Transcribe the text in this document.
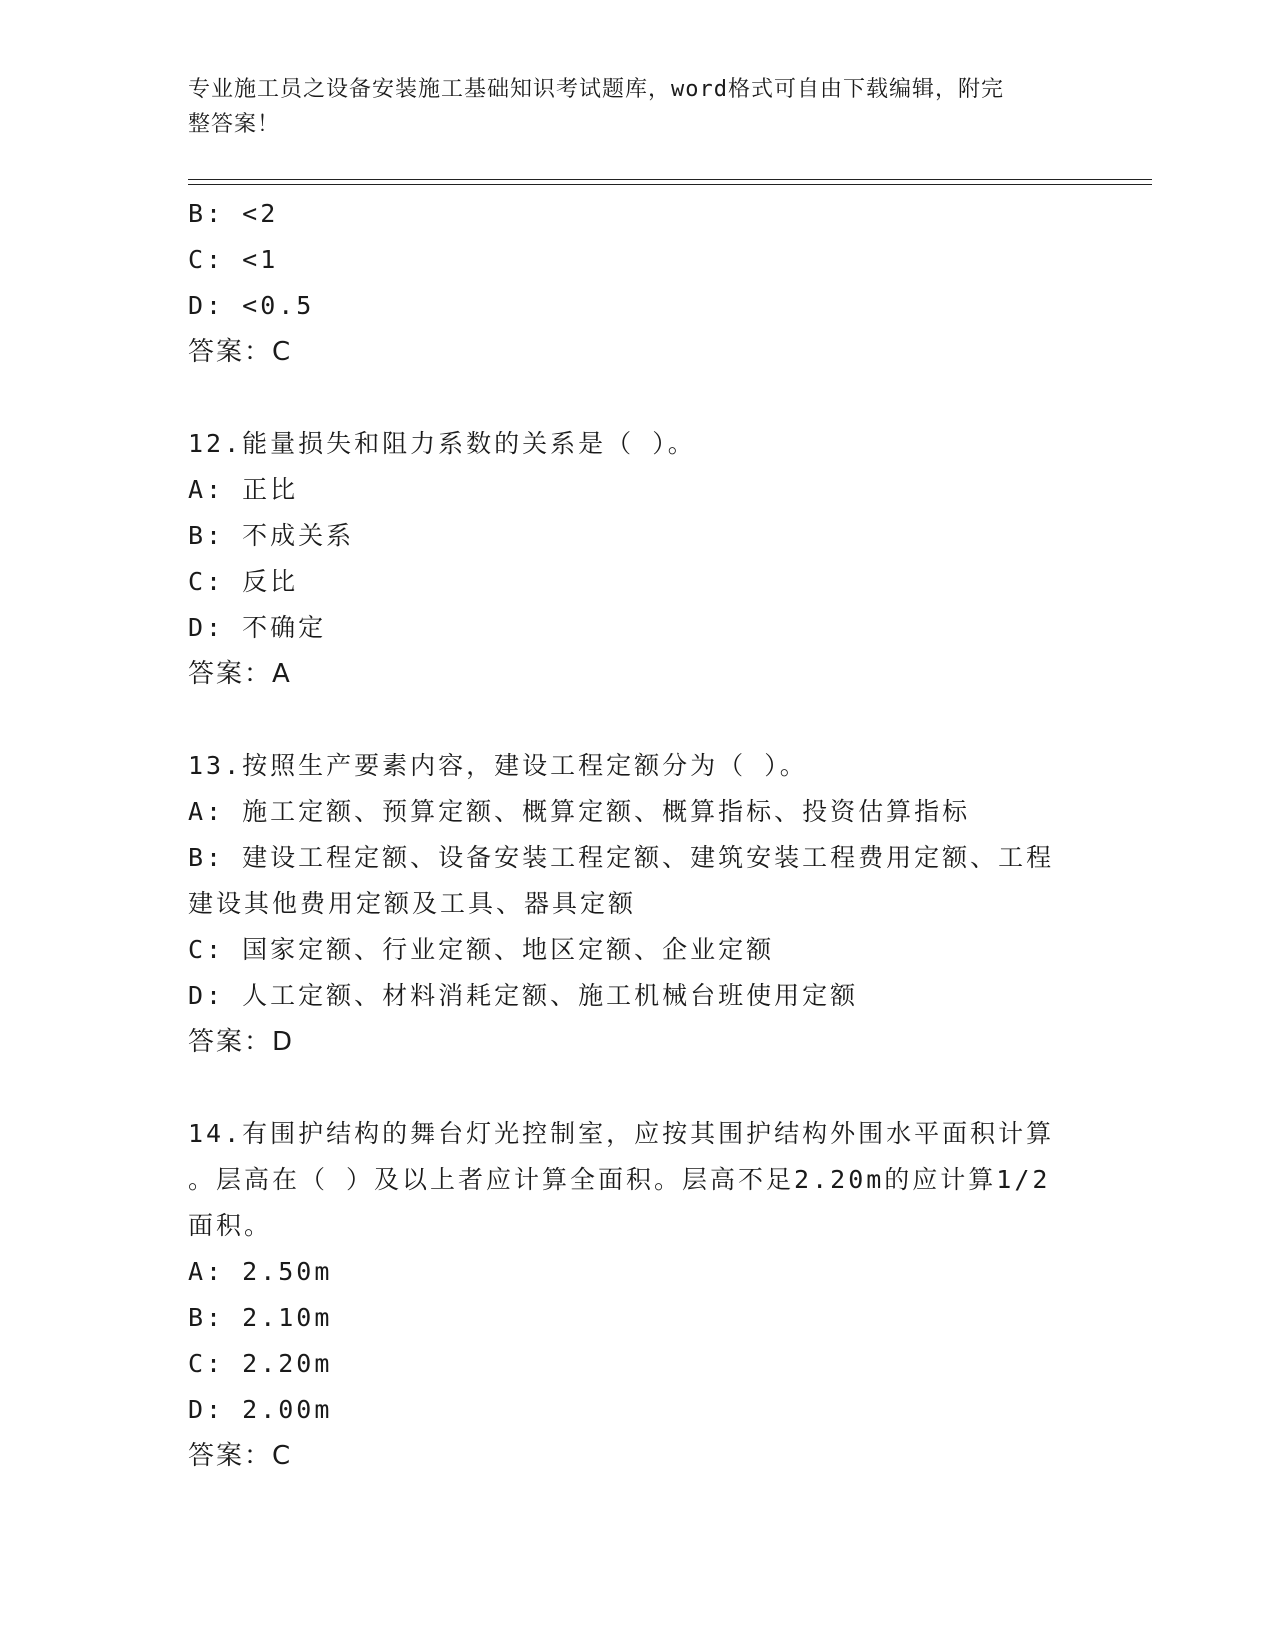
专业施工员之设备安装施工基础知识考试题库，word格式可自由下载编辑，附完
整答案！
B: <2
C: <1
D: <0.5
答案：C
12.能量损失和阻力系数的关系是（ ）。
A: 正比
B: 不成关系
C: 反比
D: 不确定
答案：A
13.按照生产要素内容，建设工程定额分为（ ）。
A: 施工定额、预算定额、概算定额、概算指标、投资估算指标
B: 建设工程定额、设备安装工程定额、建筑安装工程费用定额、工程
建设其他费用定额及工具、器具定额
C: 国家定额、行业定额、地区定额、企业定额
D: 人工定额、材料消耗定额、施工机械台班使用定额
答案：D
14.有围护结构的舞台灯光控制室，应按其围护结构外围水平面积计算
。层高在（ ）及以上者应计算全面积。层高不足2.20m的应计算1/2
面积。
A: 2.50m
B: 2.10m
C: 2.20m
D: 2.00m
答案：C
